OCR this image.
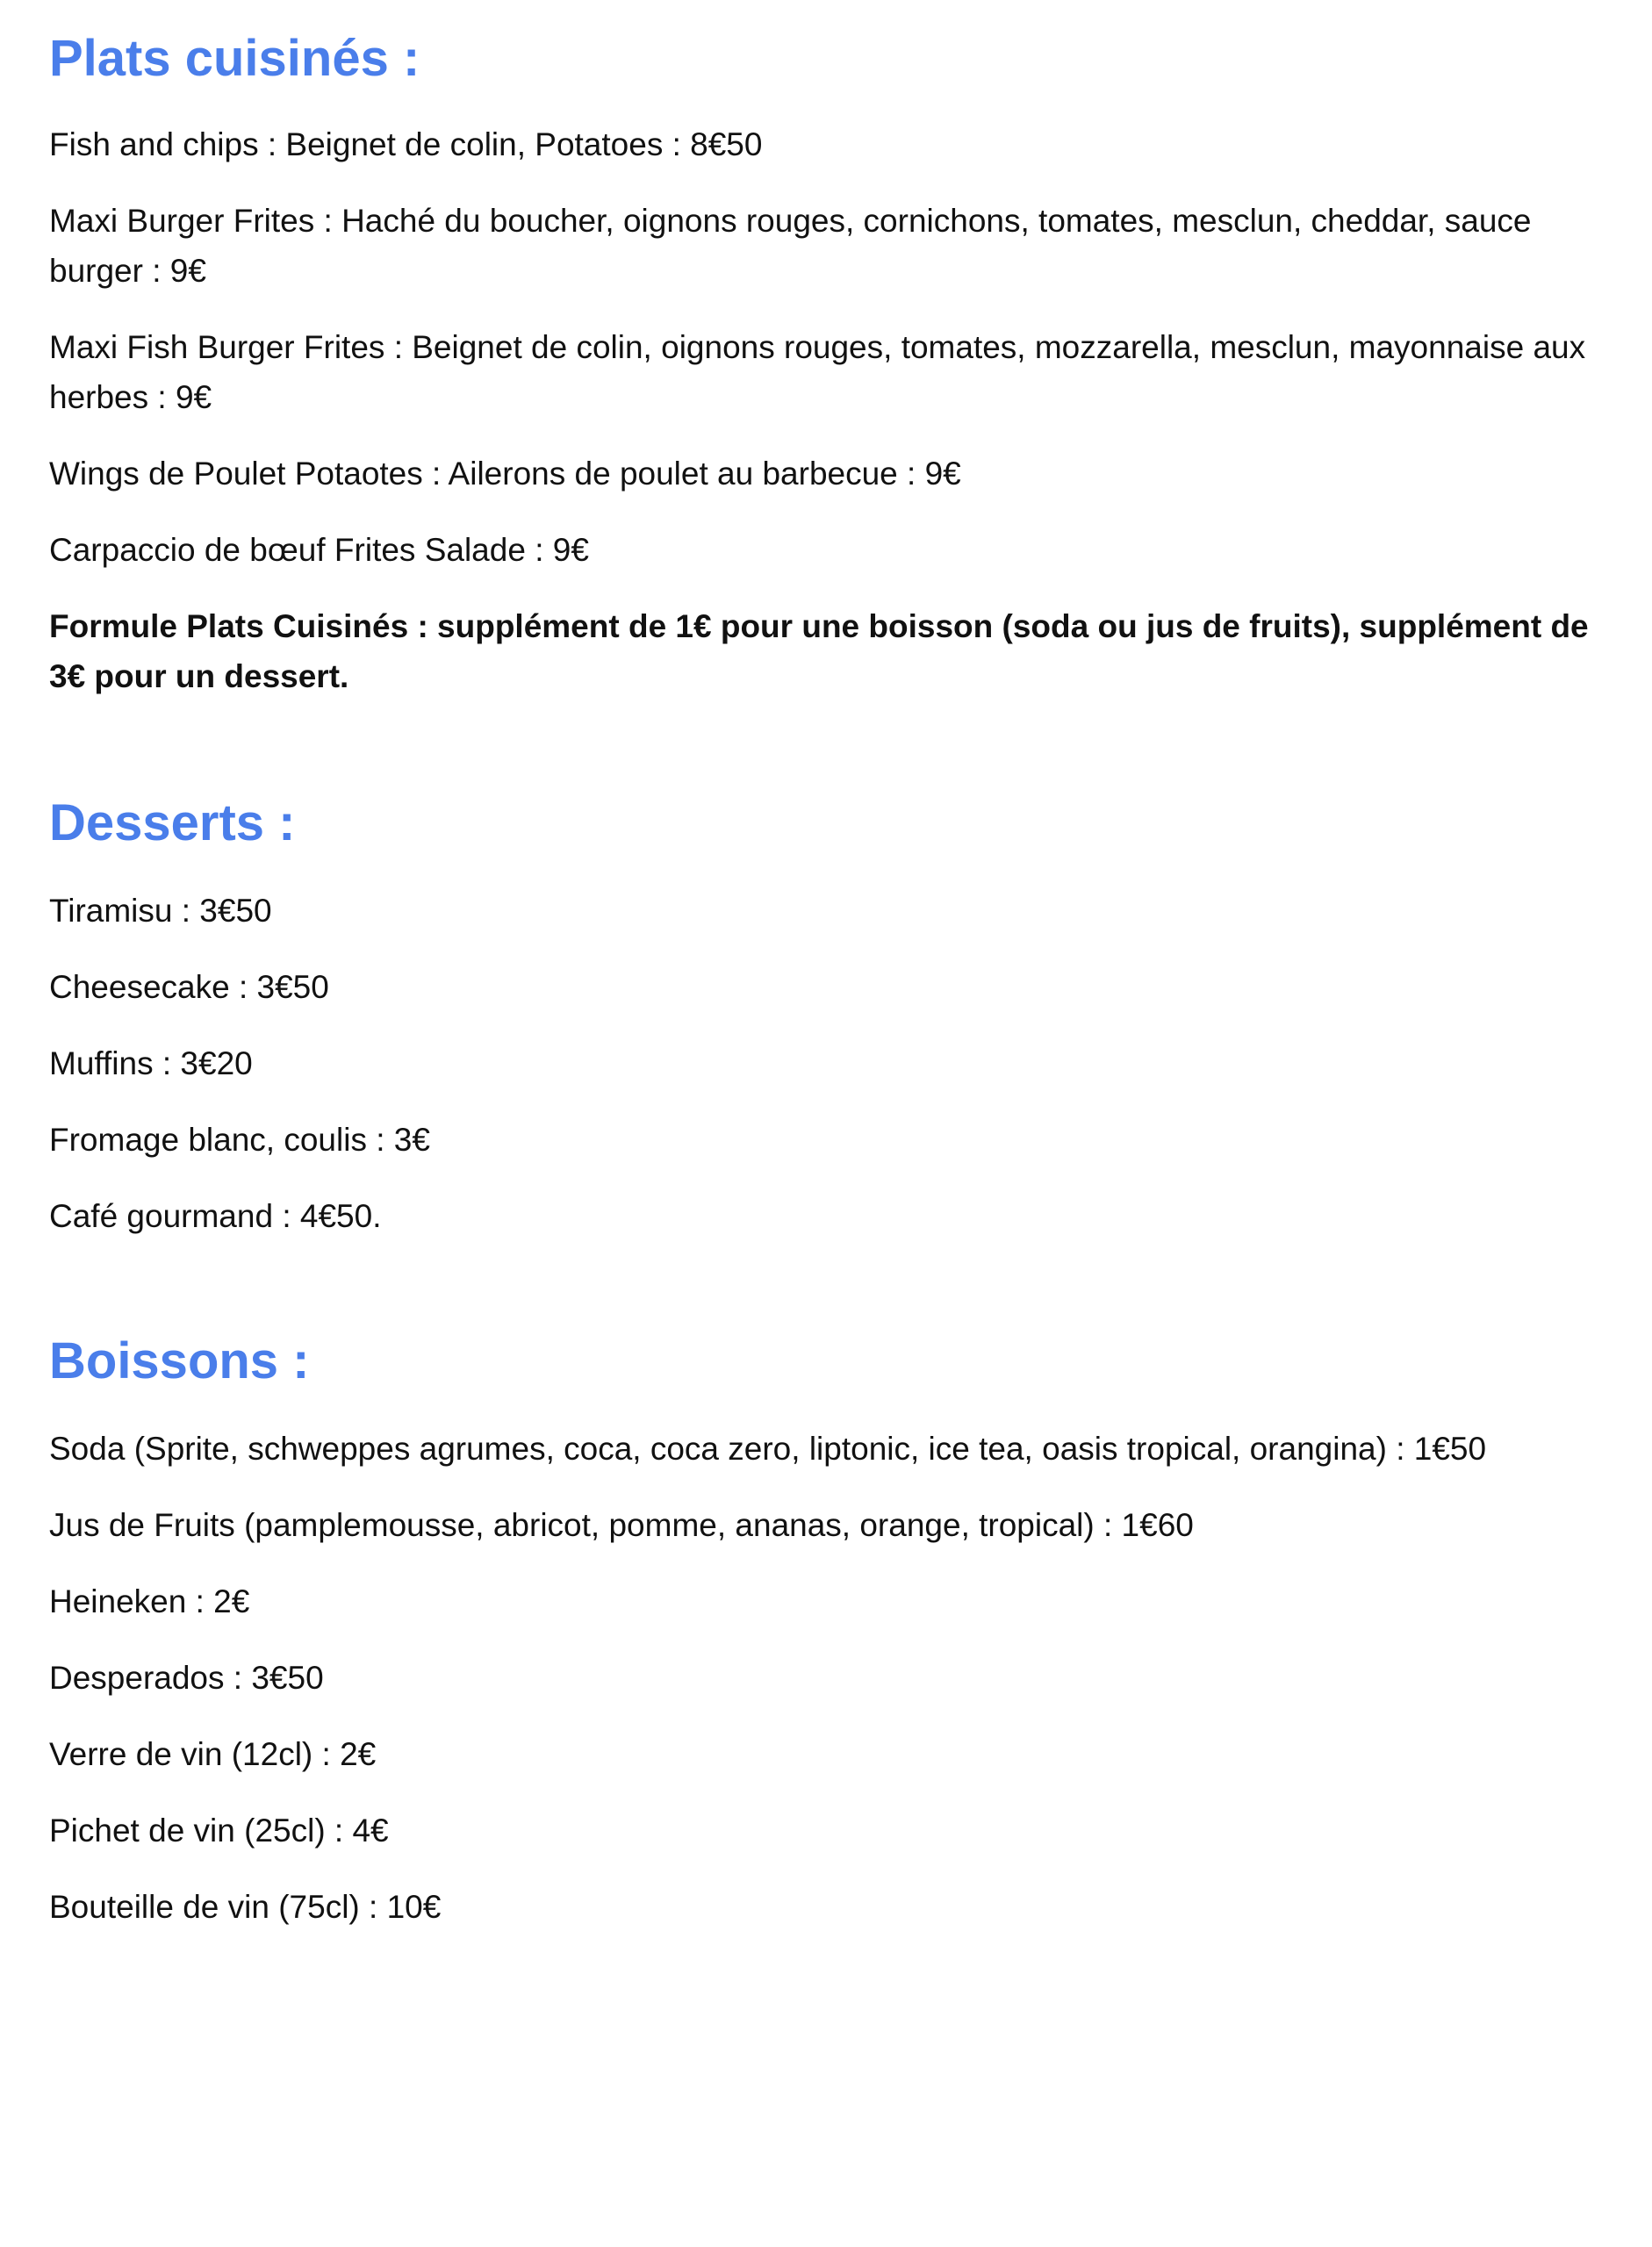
Plats cuisinés :

Fish and chips : Beignet de colin, Potatoes : 8€50

Maxi Burger Frites : Haché du boucher, oignons rouges, cornichons, tomates, mesclun, cheddar, sauce burger : 9€

Maxi Fish Burger Frites : Beignet de colin, oignons rouges, tomates, mozzarella, mesclun, mayonnaise aux herbes : 9€

Wings de Poulet Potaotes : Ailerons de poulet au barbecue : 9€

Carpaccio de bœuf Frites Salade : 9€

Formule Plats Cuisinés : supplément de 1€ pour une boisson (soda ou jus de fruits), supplément de 3€ pour un dessert.

Desserts :

Tiramisu : 3€50

Cheesecake : 3€50

Muffins : 3€20

Fromage blanc, coulis : 3€

Café gourmand : 4€50.

Boissons :

Soda (Sprite, schweppes agrumes, coca, coca zero, liptonic, ice tea, oasis tropical, orangina) : 1€50

Jus de Fruits (pamplemousse, abricot, pomme, ananas, orange, tropical) : 1€60

Heineken : 2€

Desperados : 3€50

Verre de vin (12cl) : 2€

Pichet de vin (25cl) : 4€

Bouteille de vin (75cl) : 10€
